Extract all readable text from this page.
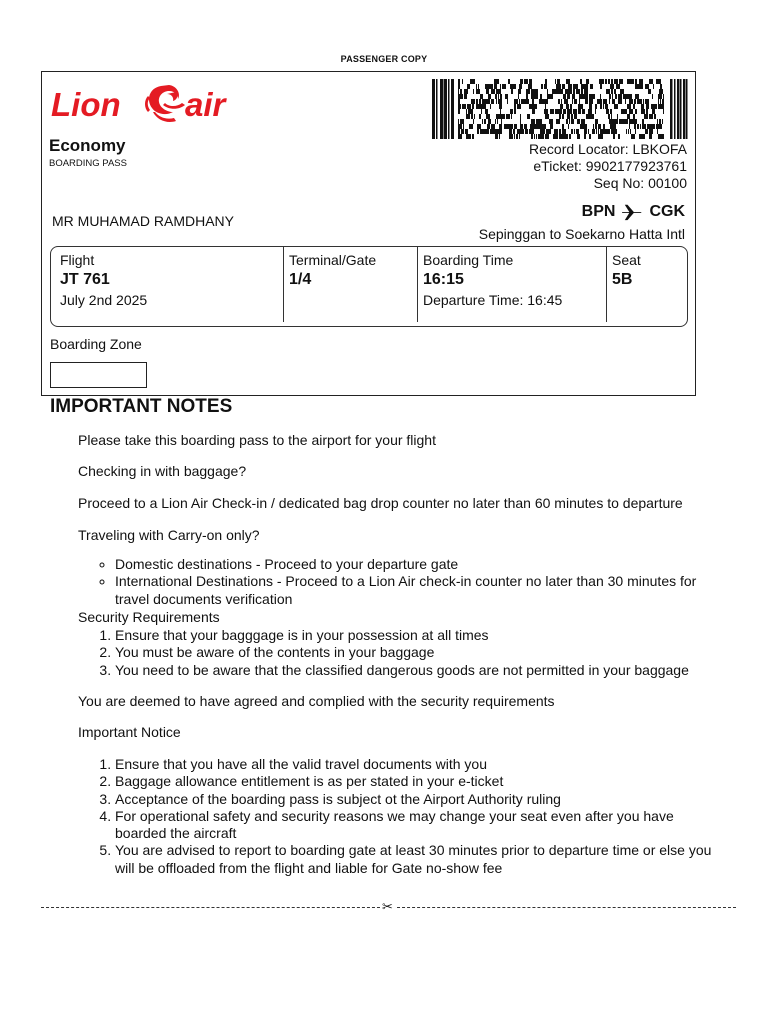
PASSENGER COPY
Lion air
Economy
BOARDING PASS
MR MUHAMAD RAMDHANY
Record Locator: LBKOFA
eTicket: 9902177923761
Seq No: 00100
BPN CGK
Sepinggan to Soekarno Hatta Intl
Flight
JT 761
July 2nd 2025
Terminal/Gate
1/4
Boarding Time
16:15
Departure Time: 16:45
Seat
5B
Boarding Zone
IMPORTANT NOTES
Please take this boarding pass to the airport for your flight
Checking in with baggage?
Proceed to a Lion Air Check-in / dedicated bag drop counter no later than 60 minutes to departure
Traveling with Carry-on only?
◦ Domestic destinations - Proceed to your departure gate
◦ International Destinations - Proceed to a Lion Air check-in counter no later than 30 minutes for travel documents verification
Security Requirements
1. Ensure that your bagggage is in your possession at all times
2. You must be aware of the contents in your baggage
3. You need to be aware that the classified dangerous goods are not permitted in your baggage
You are deemed to have agreed and complied with the security requirements
Important Notice
1. Ensure that you have all the valid travel documents with you
2. Baggage allowance entitlement is as per stated in your e-ticket
3. Acceptance of the boarding pass is subject ot the Airport Authority ruling
4. For operational safety and security reasons we may change your seat even after you have boarded the aircraft
5. You are advised to report to boarding gate at least 30 minutes prior to departure time or else you will be offloaded from the flight and liable for Gate no-show fee
✂
